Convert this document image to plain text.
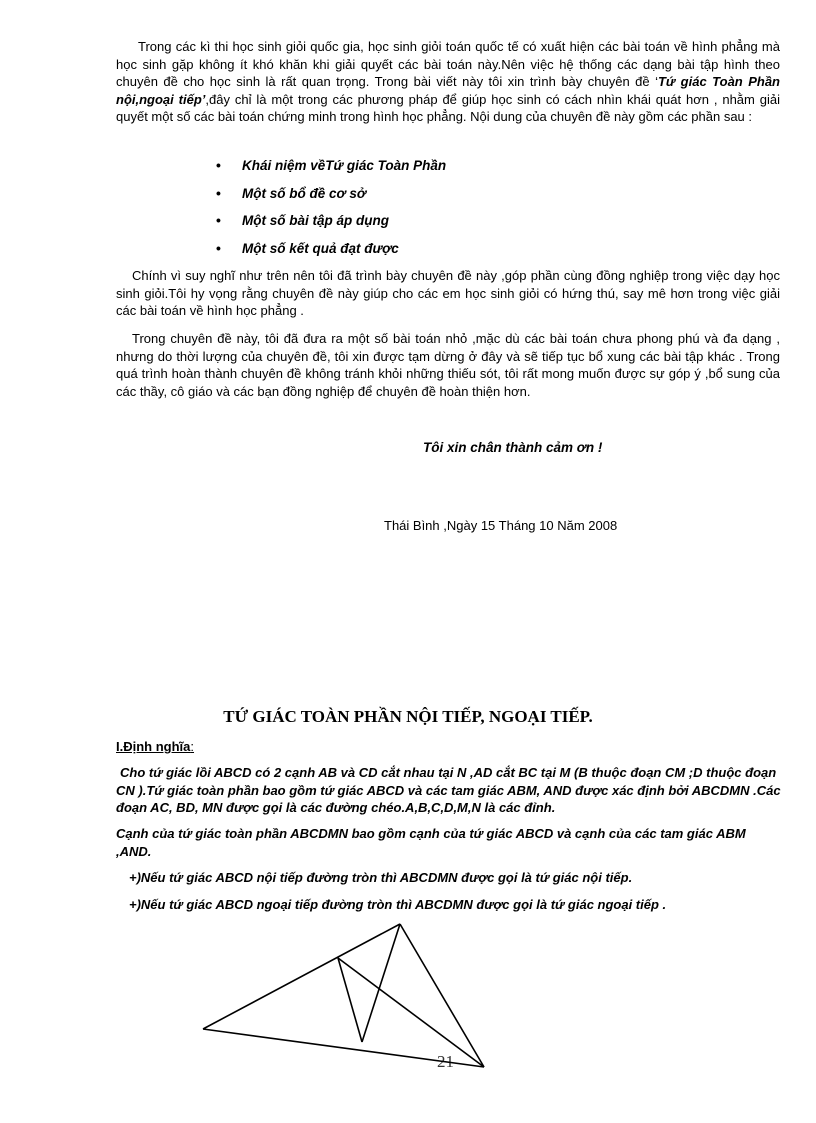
Trong các kì thi học sinh giỏi quốc gia, học sinh giỏi toán quốc tế có xuất hiện các bài toán về hình phẳng mà học sinh gặp không ít khó khăn khi giải quyết các bài toán này.Nên việc hệ thống các dạng bài tập hình theo chuyên đề cho học sinh là rất quan trọng. Trong bài viết này tôi xin trình bày chuyên đề ‘Tứ giác Toàn Phần nội,ngoại tiếp’,đây chỉ là một trong các phương pháp để giúp học sinh có cách nhìn khái quát hơn , nhằm giải quyết một số các bài toán chứng minh trong hình học phẳng. Nội dung của chuyên đề này gồm các phần sau :

• Khái niệm vềTứ giác Toàn Phần
• Một số bổ đề cơ sở
• Một số bài tập áp dụng
• Một số kết quả đạt được

Chính vì suy nghĩ như trên nên tôi đã trình bày chuyên đề này ,góp phần cùng đồng nghiệp trong việc dạy học sinh giỏi.Tôi hy vọng rằng chuyên đề này giúp cho các em học sinh giỏi có hứng thú, say mê hơn trong việc giải các bài toán về hình học phẳng .

Trong chuyên đề này, tôi đã đưa ra một số bài toán nhỏ ,mặc dù các bài toán chưa phong phú và đa dạng , nhưng do thời lượng của chuyên đề, tôi xin được tạm dừng ở đây và sẽ tiếp tục bổ xung các bài tập khác . Trong quá trình hoàn thành chuyên đề không tránh khỏi những thiếu sót, tôi rất mong muốn được sự góp ý ,bổ sung của các thầy, cô giáo và các bạn đồng nghiệp để chuyên đề hoàn thiện hơn.

Tôi xin chân thành cảm ơn !
Thái Bình ,Ngày 15 Tháng 10 Năm 2008
TỨ GIÁC TOÀN PHẦN NỘI TIẾP, NGOẠI TIẾP.
I.Định nghĩa:

Cho tứ giác lồi ABCD có 2 cạnh AB và CD cắt nhau tại N ,AD cắt BC tại M (B thuộc đoạn CM ;D thuộc đoạn CN ).Tứ giác toàn phần bao gồm tứ giác ABCD và các tam giác ABM, AND được xác định bởi ABCDMN .Các đoạn AC, BD, MN được gọi là các đường chéo.A,B,C,D,M,N là các đỉnh.

Cạnh của tứ giác toàn phần ABCDMN bao gồm cạnh của tứ giác ABCD và cạnh của các tam giác ABM ,AND.

+)Nếu tứ giác ABCD nội tiếp đường tròn thì ABCDMN được gọi là tứ giác nội tiếp.

+)Nếu tứ giác ABCD ngoại tiếp đường tròn thì ABCDMN được gọi là tứ giác ngoại tiếp .

21
